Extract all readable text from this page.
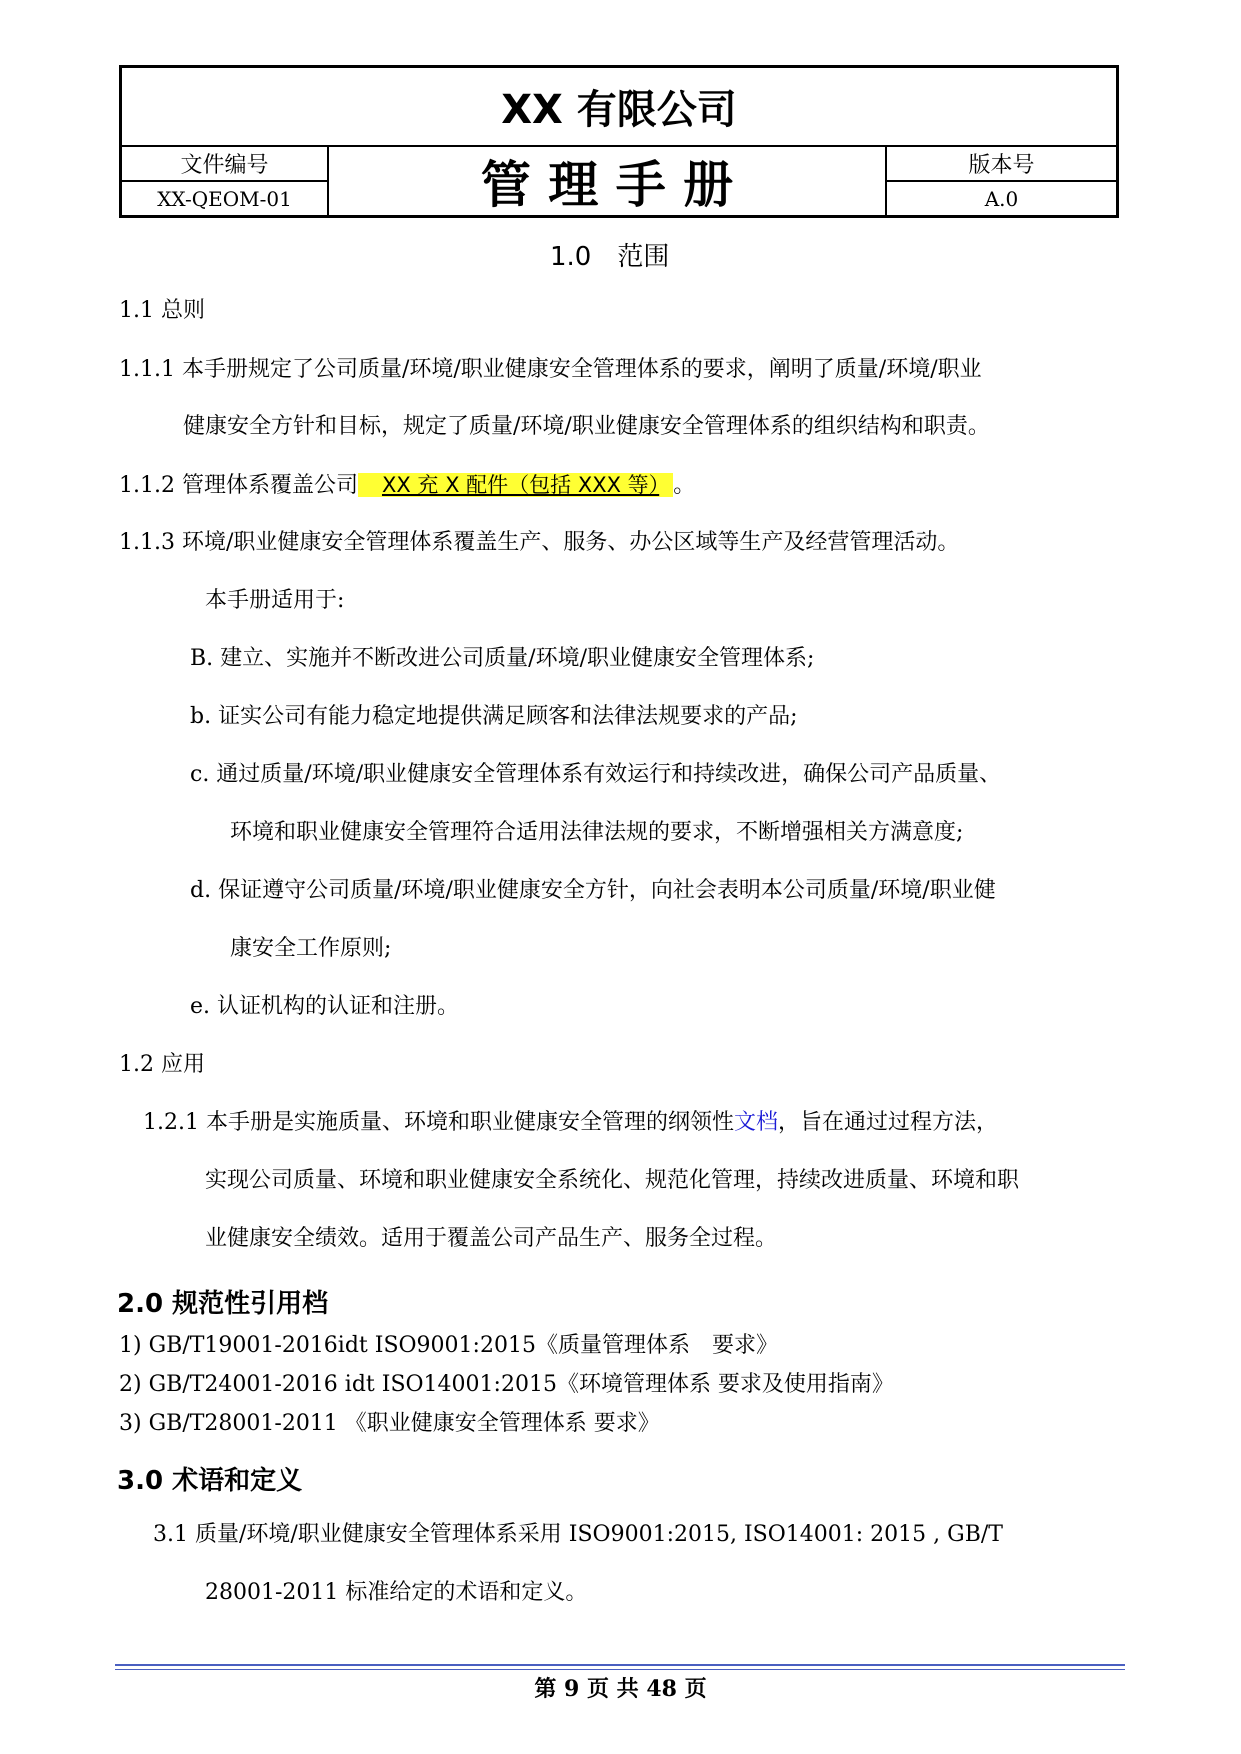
XX 有限公司
文件编号
XX-QEOM-01	管 理 手 册	版本号
A.0
1.0　范围
1.1 总则
1.1.1 本手册规定了公司质量/环境/职业健康安全管理体系的要求，阐明了质量/环境/职业
健康安全方针和目标，规定了质量/环境/职业健康安全管理体系的组织结构和职责。
1.1.2 管理体系覆盖公司 XX 充 X 配件（包括 XXX 等） 。
1.1.3 环境/职业健康安全管理体系覆盖生产、服务、办公区域等生产及经营管理活动。
本手册适用于:
B. 建立、实施并不断改进公司质量/环境/职业健康安全管理体系;
b. 证实公司有能力稳定地提供满足顾客和法律法规要求的产品;
c. 通过质量/环境/职业健康安全管理体系有效运行和持续改进，确保公司产品质量、
环境和职业健康安全管理符合适用法律法规的要求，不断增强相关方满意度;
d. 保证遵守公司质量/环境/职业健康安全方针，向社会表明本公司质量/环境/职业健
康安全工作原则;
e. 认证机构的认证和注册。
1.2 应用
1.2.1 本手册是实施质量、环境和职业健康安全管理的纲领性文档，旨在通过过程方法，
实现公司质量、环境和职业健康安全系统化、规范化管理，持续改进质量、环境和职
业健康安全绩效。适用于覆盖公司产品生产、服务全过程。
2.0 规范性引用档
1) GB/T19001-2016idt ISO9001:2015《质量管理体系　要求》
2) GB/T24001-2016 idt ISO14001:2015《环境管理体系 要求及使用指南》
3) GB/T28001-2011 《职业健康安全管理体系 要求》
3.0 术语和定义
3.1 质量/环境/职业健康安全管理体系采用 ISO9001:2015, ISO14001: 2015 , GB/T
28001-2011 标准给定的术语和定义。
第 9 页 共 48 页
